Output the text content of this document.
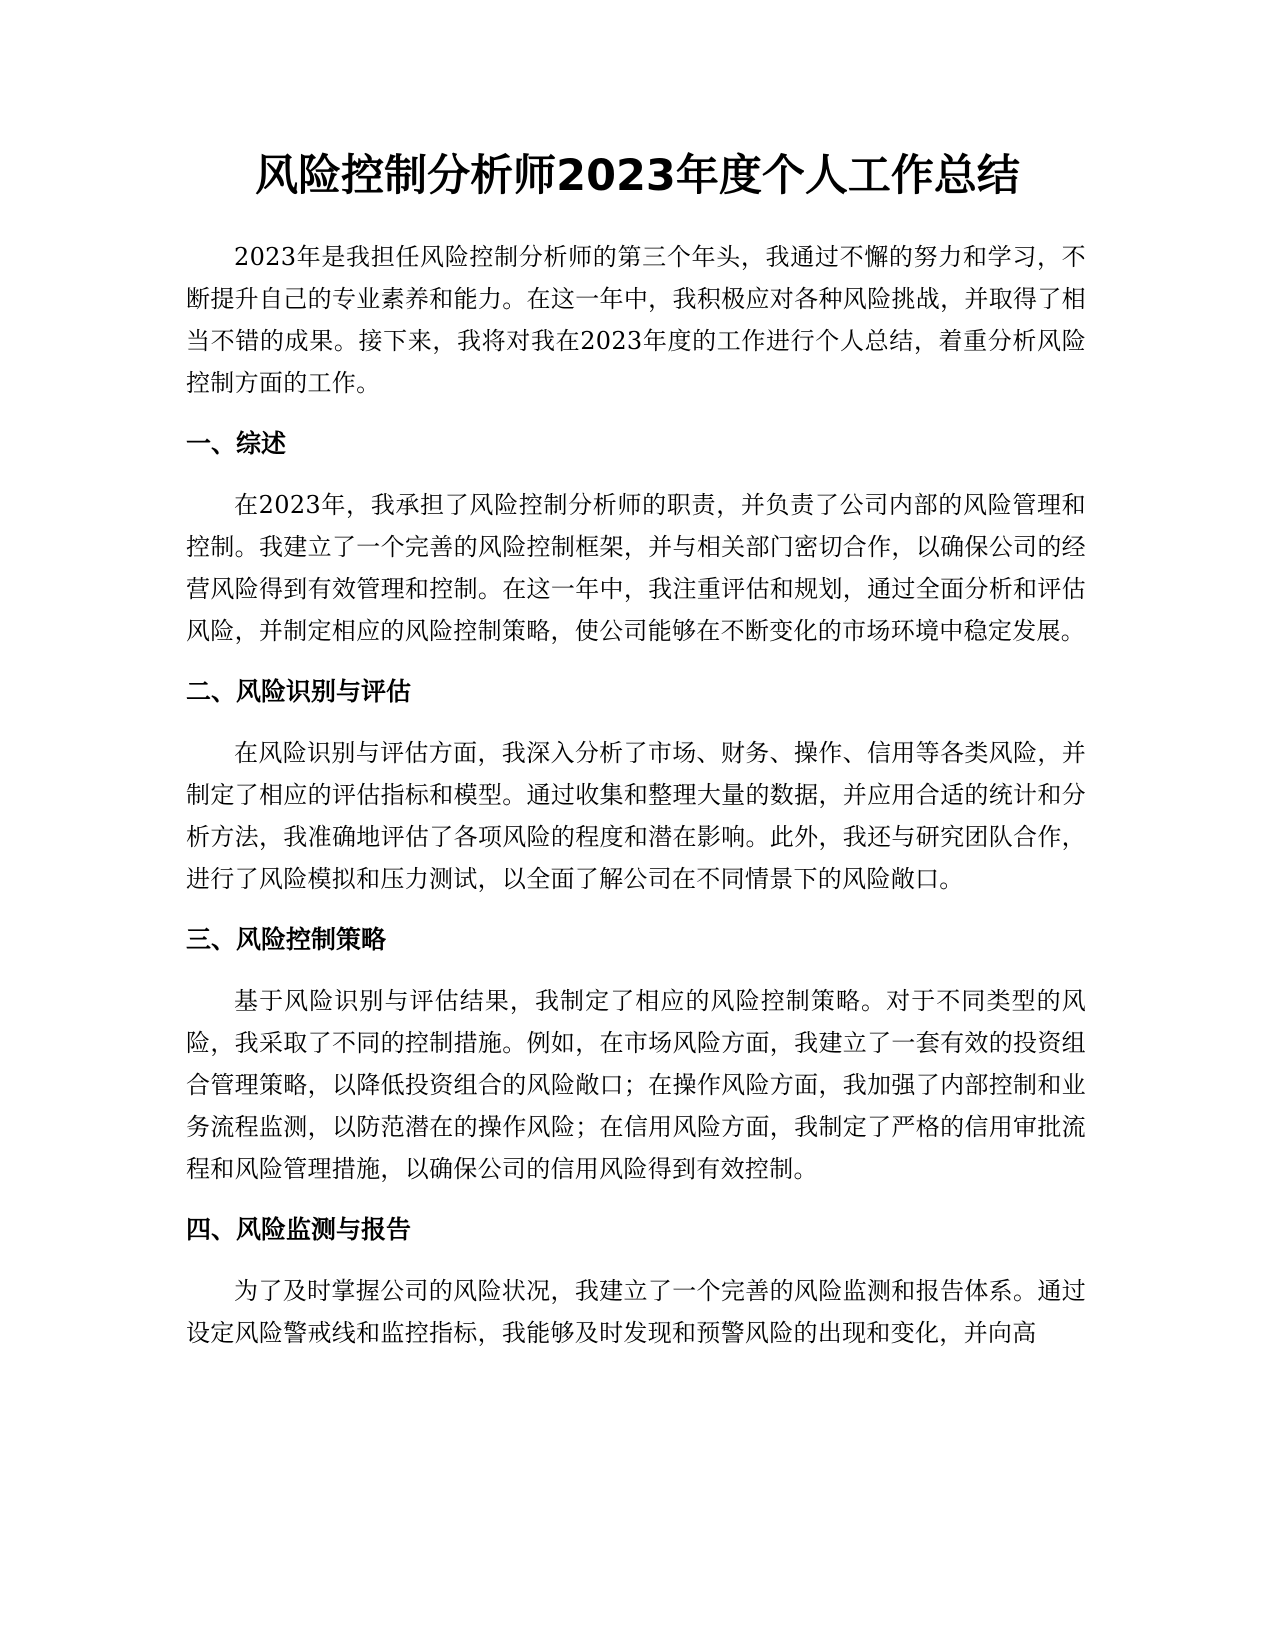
风险控制分析师2023年度个人工作总结

2023年是我担任风险控制分析师的第三个年头，我通过不懈的努力和学习，不断提升自己的专业素养和能力。在这一年中，我积极应对各种风险挑战，并取得了相当不错的成果。接下来，我将对我在2023年度的工作进行个人总结，着重分析风险控制方面的工作。

一、综述

在2023年，我承担了风险控制分析师的职责，并负责了公司内部的风险管理和控制。我建立了一个完善的风险控制框架，并与相关部门密切合作，以确保公司的经营风险得到有效管理和控制。在这一年中，我注重评估和规划，通过全面分析和评估风险，并制定相应的风险控制策略，使公司能够在不断变化的市场环境中稳定发展。

二、风险识别与评估

在风险识别与评估方面，我深入分析了市场、财务、操作、信用等各类风险，并制定了相应的评估指标和模型。通过收集和整理大量的数据，并应用合适的统计和分析方法，我准确地评估了各项风险的程度和潜在影响。此外，我还与研究团队合作，进行了风险模拟和压力测试，以全面了解公司在不同情景下的风险敞口。

三、风险控制策略

基于风险识别与评估结果，我制定了相应的风险控制策略。对于不同类型的风险，我采取了不同的控制措施。例如，在市场风险方面，我建立了一套有效的投资组合管理策略，以降低投资组合的风险敞口；在操作风险方面，我加强了内部控制和业务流程监测，以防范潜在的操作风险；在信用风险方面，我制定了严格的信用审批流程和风险管理措施，以确保公司的信用风险得到有效控制。

四、风险监测与报告

为了及时掌握公司的风险状况，我建立了一个完善的风险监测和报告体系。通过设定风险警戒线和监控指标，我能够及时发现和预警风险的出现和变化，并向高
